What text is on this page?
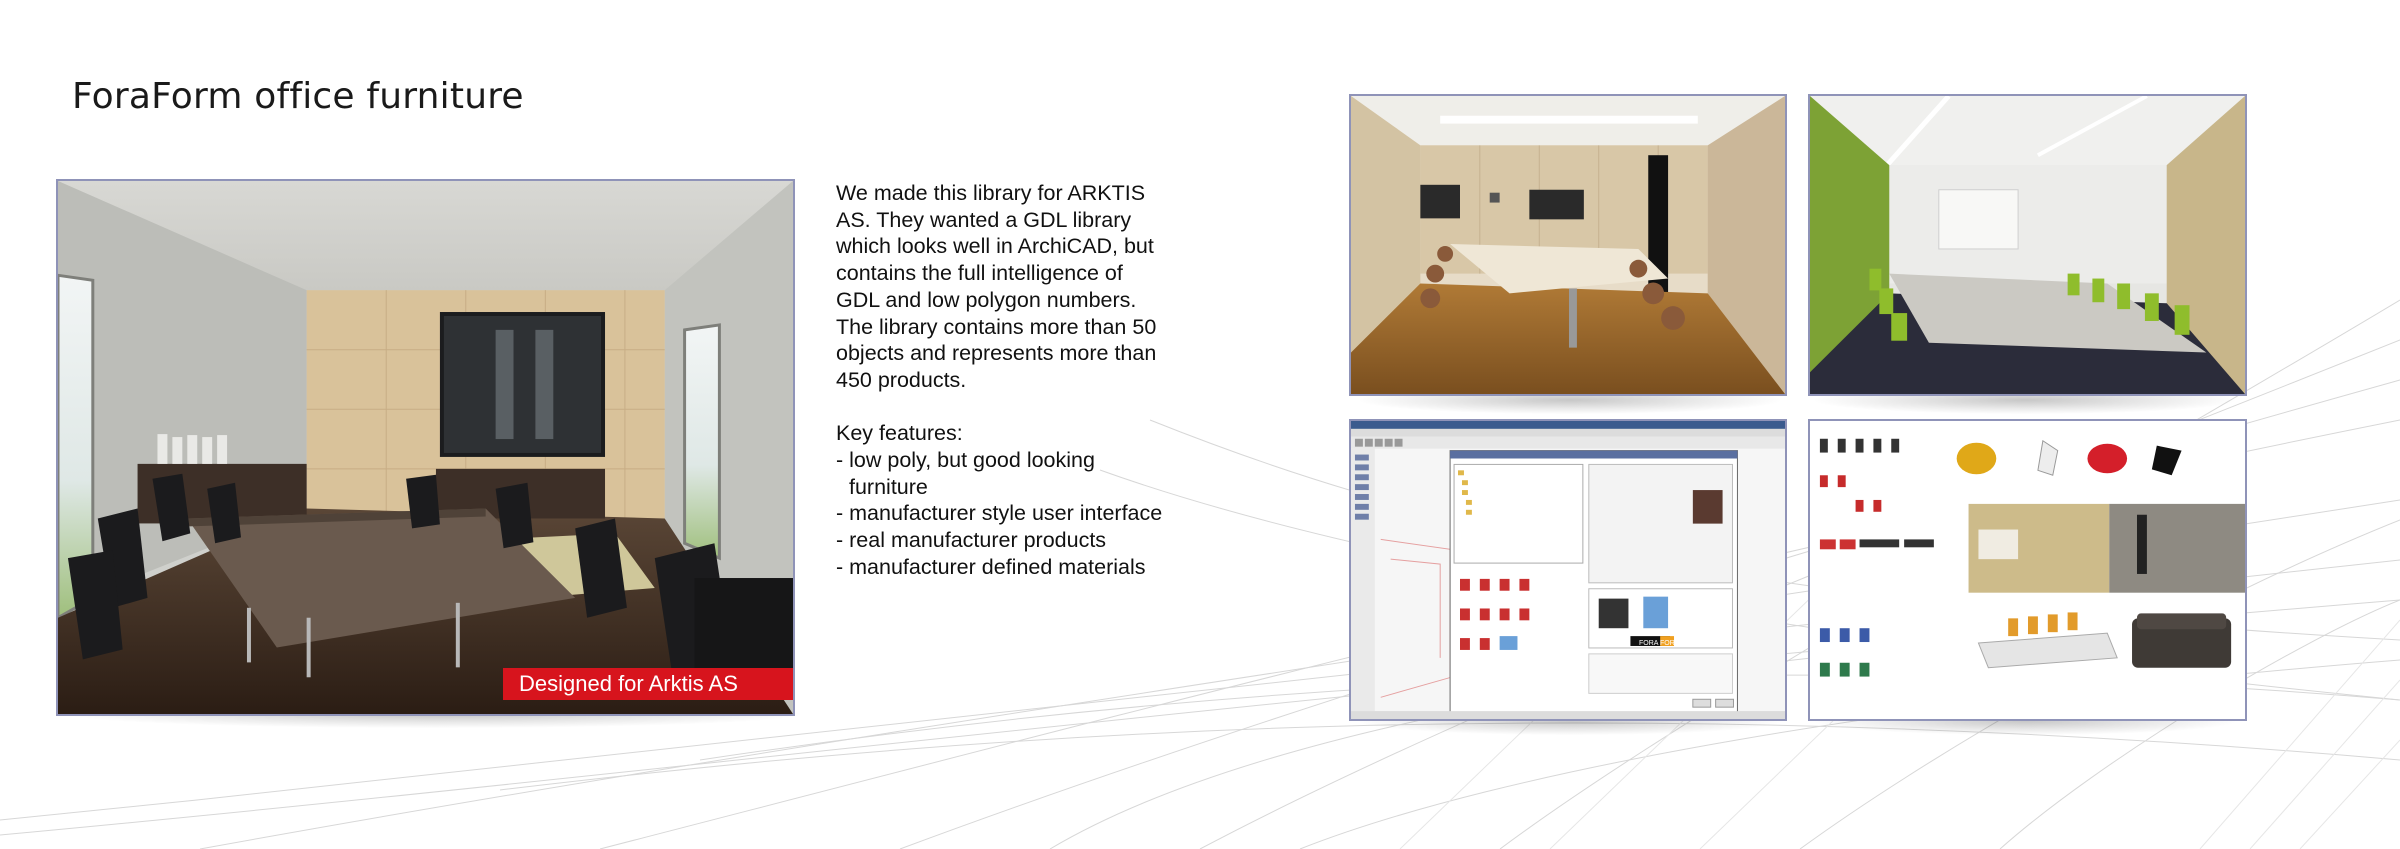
ForaForm office furniture
Designed for Arktis AS

We made this library for ARKTIS AS. They wanted a GDL library which looks well in ArchiCAD, but contains the full intelligence of GDL and low polygon numbers. The library contains more than 50 objects and represents more than 450 products.

Key features:

- low poly, but good looking furniture
- manufacturer style user interface
- real manufacturer products
- manufacturer defined materials
FORA FORM
